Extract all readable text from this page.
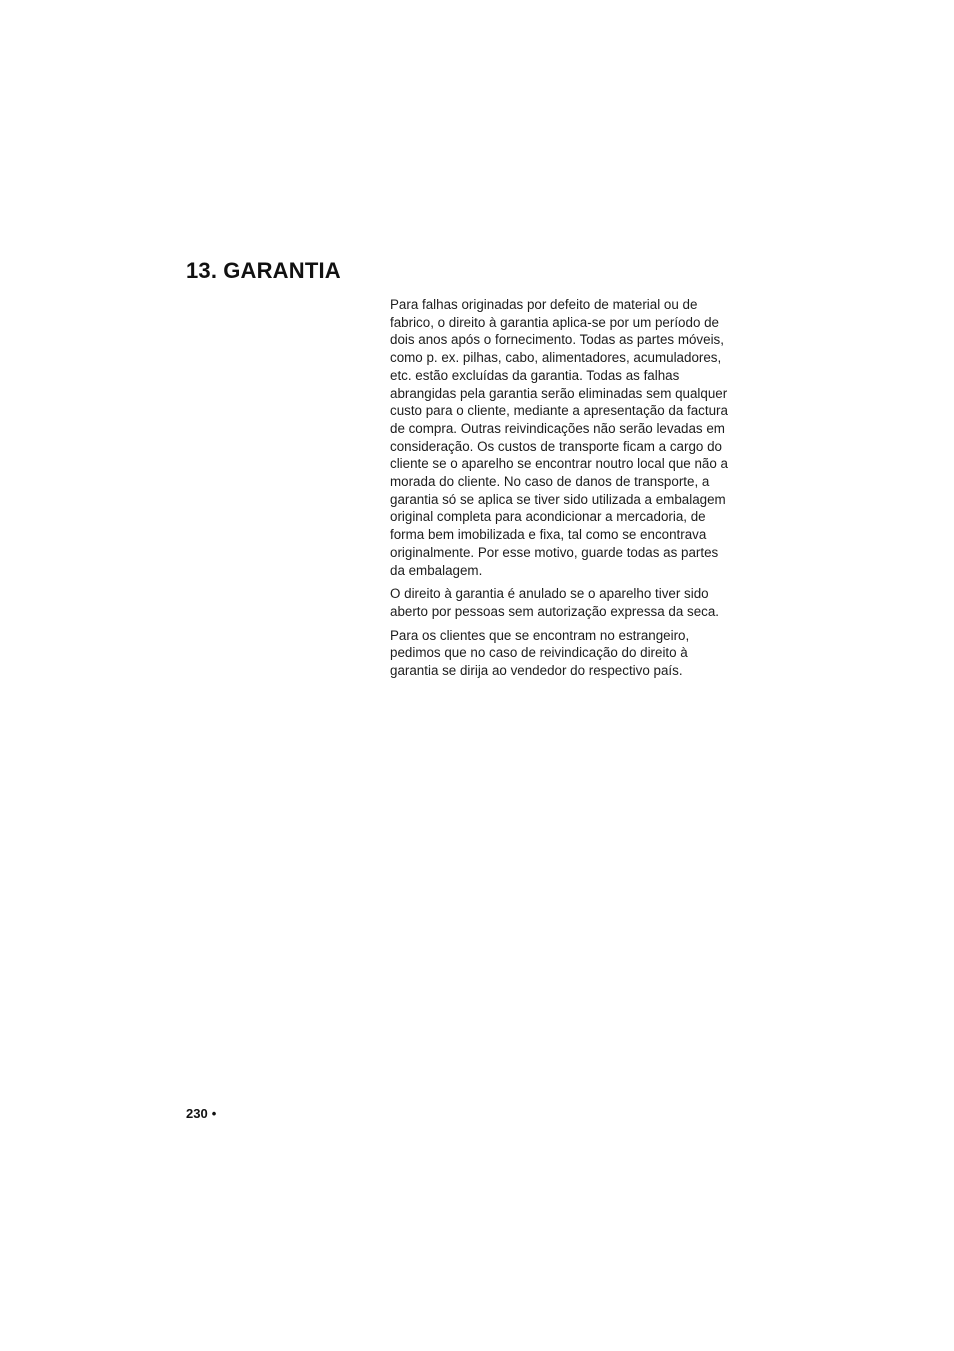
13. GARANTIA

Para falhas originadas por defeito de material ou de fabrico, o direito à garantia aplica-se por um período de dois anos após o fornecimento. Todas as partes móveis, como p. ex. pilhas, cabo, alimentadores, acumuladores, etc. estão excluídas da garantia. Todas as falhas abrangidas pela garantia serão eliminadas sem qualquer custo para o cliente, mediante a apresentação da factura de compra. Outras reivindicações não serão levadas em consideração. Os custos de transporte ficam a cargo do cliente se o aparelho se encontrar noutro local que não a morada do cliente. No caso de danos de transporte, a garantia só se aplica se tiver sido utilizada a embalagem original completa para acondicionar a mercadoria, de forma bem imobilizada e fixa, tal como se encontrava originalmente. Por esse motivo, guarde todas as partes da embalagem.

O direito à garantia é anulado se o aparelho tiver sido aberto por pessoas sem autorização expressa da seca.

Para os clientes que se encontram no estrangeiro, pedimos que no caso de reivindicação do direito à garantia se dirija ao vendedor do respectivo país.

230 •
